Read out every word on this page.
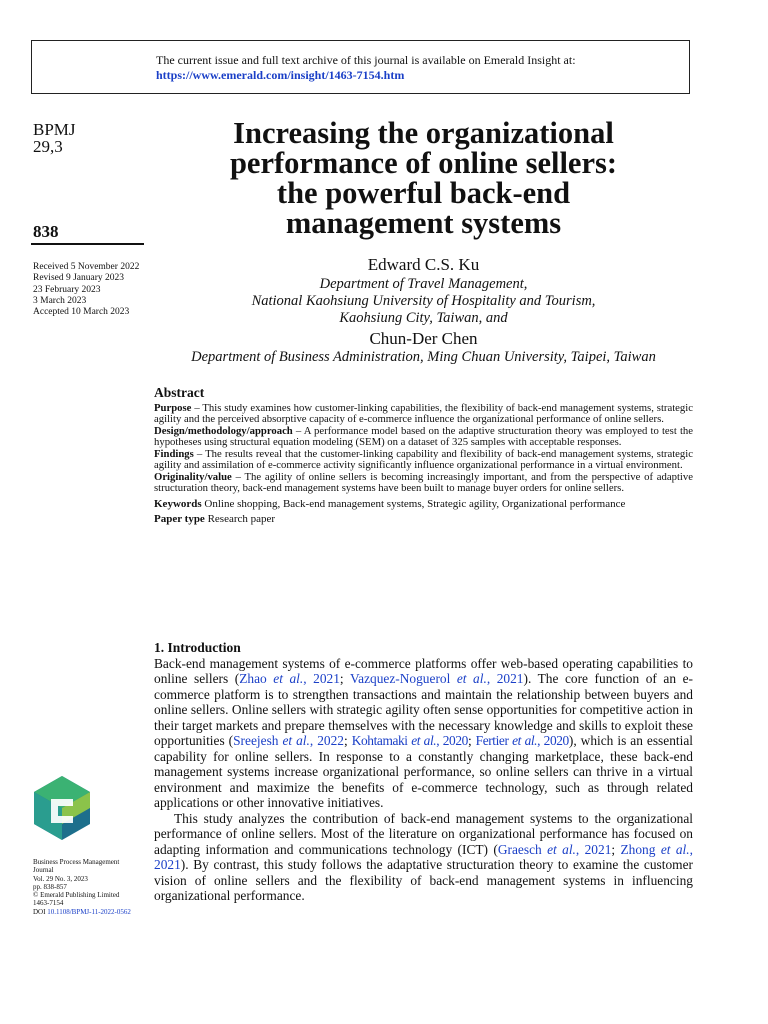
The current issue and full text archive of this journal is available on Emerald Insight at:
https://www.emerald.com/insight/1463-7154.htm
BPMJ
29,3
838
Received 5 November 2022
Revised 9 January 2023
23 February 2023
3 March 2023
Accepted 10 March 2023
Increasing the organizational
performance of online sellers:
the powerful back-end
management systems
Edward C.S. Ku
Department of Travel Management,
National Kaohsiung University of Hospitality and Tourism,
Kaohsiung City, Taiwan, and
Chun-Der Chen
Department of Business Administration, Ming Chuan University, Taipei, Taiwan
Abstract

Purpose – This study examines how customer-linking capabilities, the flexibility of back-end management systems, strategic agility and the perceived absorptive capacity of e-commerce influence the organizational performance of online sellers.

Design/methodology/approach – A performance model based on the adaptive structuration theory was employed to test the hypotheses using structural equation modeling (SEM) on a dataset of 325 samples with acceptable responses.

Findings – The results reveal that the customer-linking capability and flexibility of back-end management systems, strategic agility and assimilation of e-commerce activity significantly influence organizational performance in a virtual environment.

Originality/value – The agility of online sellers is becoming increasingly important, and from the perspective of adaptive structuration theory, back-end management systems have been built to manage buyer orders for online sellers.

Keywords Online shopping, Back-end management systems, Strategic agility, Organizational performance

Paper type Research paper

1. Introduction

Back-end management systems of e-commerce platforms offer web-based operating capabilities to online sellers (Zhao et al., 2021; Vazquez-Noguerol et al., 2021). The core function of an e-commerce platform is to strengthen transactions and maintain the relationship between buyers and online sellers. Online sellers with strategic agility often sense opportunities for competitive action in their target markets and prepare themselves with the necessary knowledge and skills to exploit these opportunities (Sreejesh et al., 2022; Kohtamaki et al., 2020; Fertier et al., 2020), which is an essential capability for online sellers. In response to a constantly changing marketplace, these back-end management systems increase organizational performance, so online sellers can thrive in a virtual environment and maximize the benefits of e-commerce technology, such as through related applications or other innovative initiatives.

This study analyzes the contribution of back-end management systems to the organizational performance of online sellers. Most of the literature on organizational performance has focused on adapting information and communications technology (ICT) (Graesch et al., 2021; Zhong et al., 2021). By contrast, this study follows the adaptative structuration theory to examine the customer vision of online sellers and the flexibility of back-end management systems in influencing organizational performance.

Business Process Management
Journal
Vol. 29 No. 3, 2023
pp. 838-857
© Emerald Publishing Limited
1463-7154
DOI 10.1108/BPMJ-11-2022-0562
